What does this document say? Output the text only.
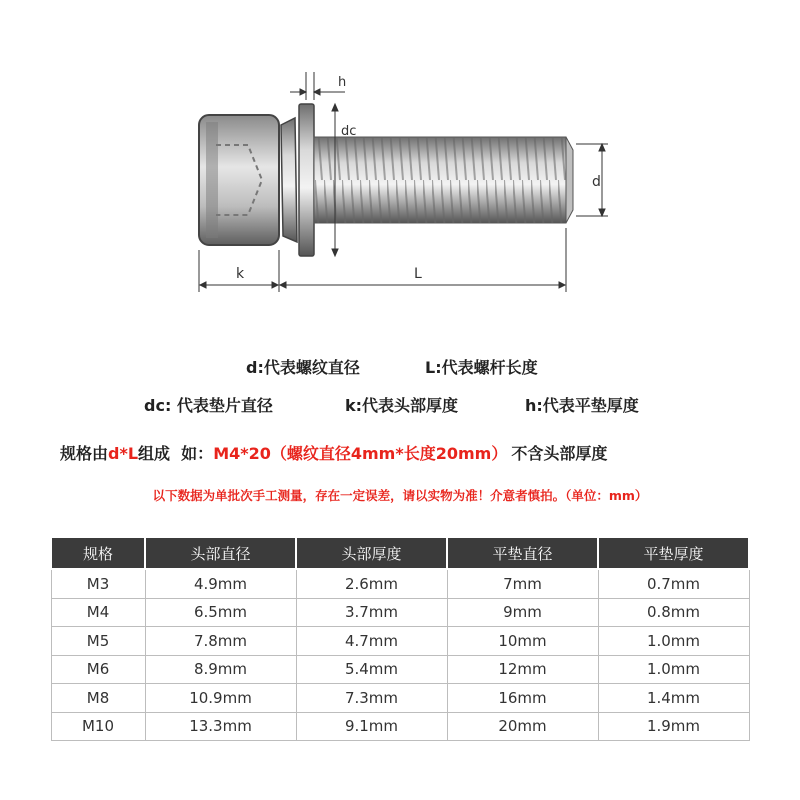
h
dc
d
k	L
d:代表螺纹直径	L:代表螺杆长度
dc: 代表垫片直径	k:代表头部厚度	h:代表平垫厚度
规格由d*L组成  如：M4*20（螺纹直径4mm*长度20mm） 不含头部厚度
以下数据为单批次手工测量，存在一定误差，请以实物为准！介意者慎拍。（单位：mm）
规格	头部直径	头部厚度	平垫直径	平垫厚度
M3	4.9mm	2.6mm	7mm	0.7mm
M4	6.5mm	3.7mm	9mm	0.8mm
M5	7.8mm	4.7mm	10mm	1.0mm
M6	8.9mm	5.4mm	12mm	1.0mm
M8	10.9mm	7.3mm	16mm	1.4mm
M10	13.3mm	9.1mm	20mm	1.9mm
